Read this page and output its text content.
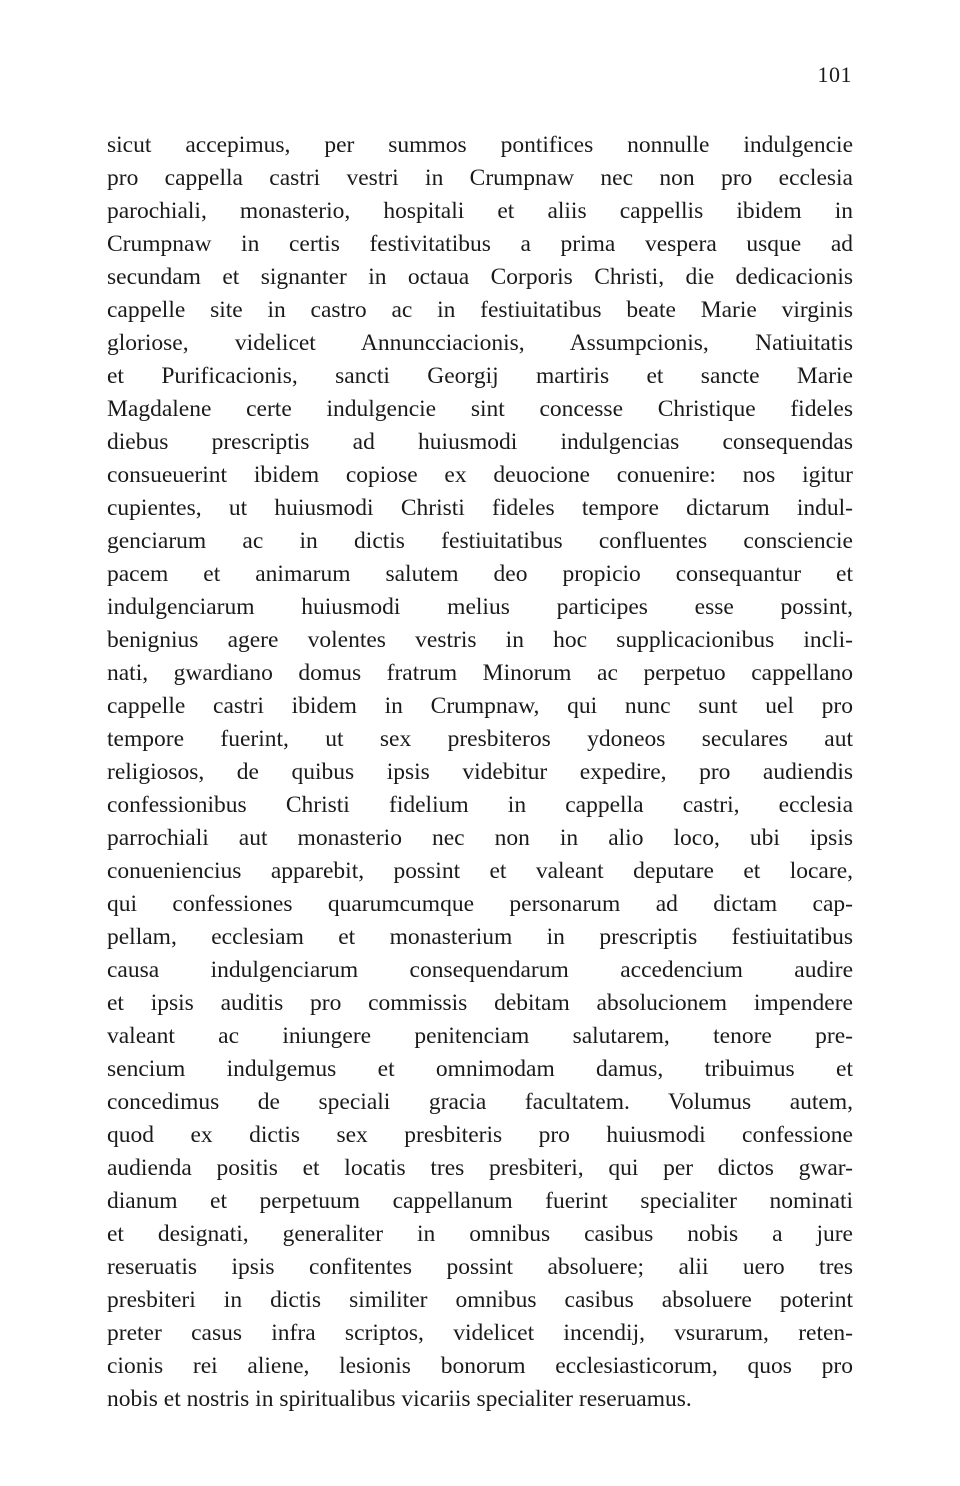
101
sicut accepimus, per summos pontifices nonnulle indulgencie
pro cappella castri vestri in Crumpnaw nec non pro ecclesia
parochiali, monasterio, hospitali et aliis cappellis ibidem in
Crumpnaw in certis festivitatibus a prima vespera usque ad
secundam et signanter in octaua Corporis Christi, die dedicacionis
cappelle site in castro ac in festiuitatibus beate Marie virginis
gloriose, videlicet Annuncciacionis, Assumpcionis, Natiuitatis
et Purificacionis, sancti Georgij martiris et sancte Marie
Magdalene certe indulgencie sint concesse Christique fideles
diebus prescriptis ad huiusmodi indulgencias consequendas
consueuerint ibidem copiose ex deuocione conuenire: nos igitur
cupientes, ut huiusmodi Christi fideles tempore dictarum indul-
genciarum ac in dictis festiuitatibus confluentes consciencie
pacem et animarum salutem deo propicio consequantur et
indulgenciarum huiusmodi melius participes esse possint,
benignius agere volentes vestris in hoc supplicacionibus incli-
nati, gwardiano domus fratrum Minorum ac perpetuo cappellano
cappelle castri ibidem in Crumpnaw, qui nunc sunt uel pro
tempore fuerint, ut sex presbiteros ydoneos seculares aut
religiosos, de quibus ipsis videbitur expedire, pro audiendis
confessionibus Christi fidelium in cappella castri, ecclesia
parrochiali aut monasterio nec non in alio loco, ubi ipsis
conueniencius apparebit, possint et valeant deputare et locare,
qui confessiones quarumcumque personarum ad dictam cap-
pellam, ecclesiam et monasterium in prescriptis festiuitatibus
causa indulgenciarum consequendarum accedencium audire
et ipsis auditis pro commissis debitam absolucionem impendere
valeant ac iniungere penitenciam salutarem, tenore pre-
sencium indulgemus et omnimodam damus, tribuimus et
concedimus de speciali gracia facultatem. Volumus autem,
quod ex dictis sex presbiteris pro huiusmodi confessione
audienda positis et locatis tres presbiteri, qui per dictos gwar-
dianum et perpetuum cappellanum fuerint specialiter nominati
et designati, generaliter in omnibus casibus nobis a jure
reseruatis ipsis confitentes possint absoluere; alii uero tres
presbiteri in dictis similiter omnibus casibus absoluere poterint
preter casus infra scriptos, videlicet incendij, vsurarum, reten-
cionis rei aliene, lesionis bonorum ecclesiasticorum, quos pro
nobis et nostris in spiritualibus vicariis specialiter reseruamus.
